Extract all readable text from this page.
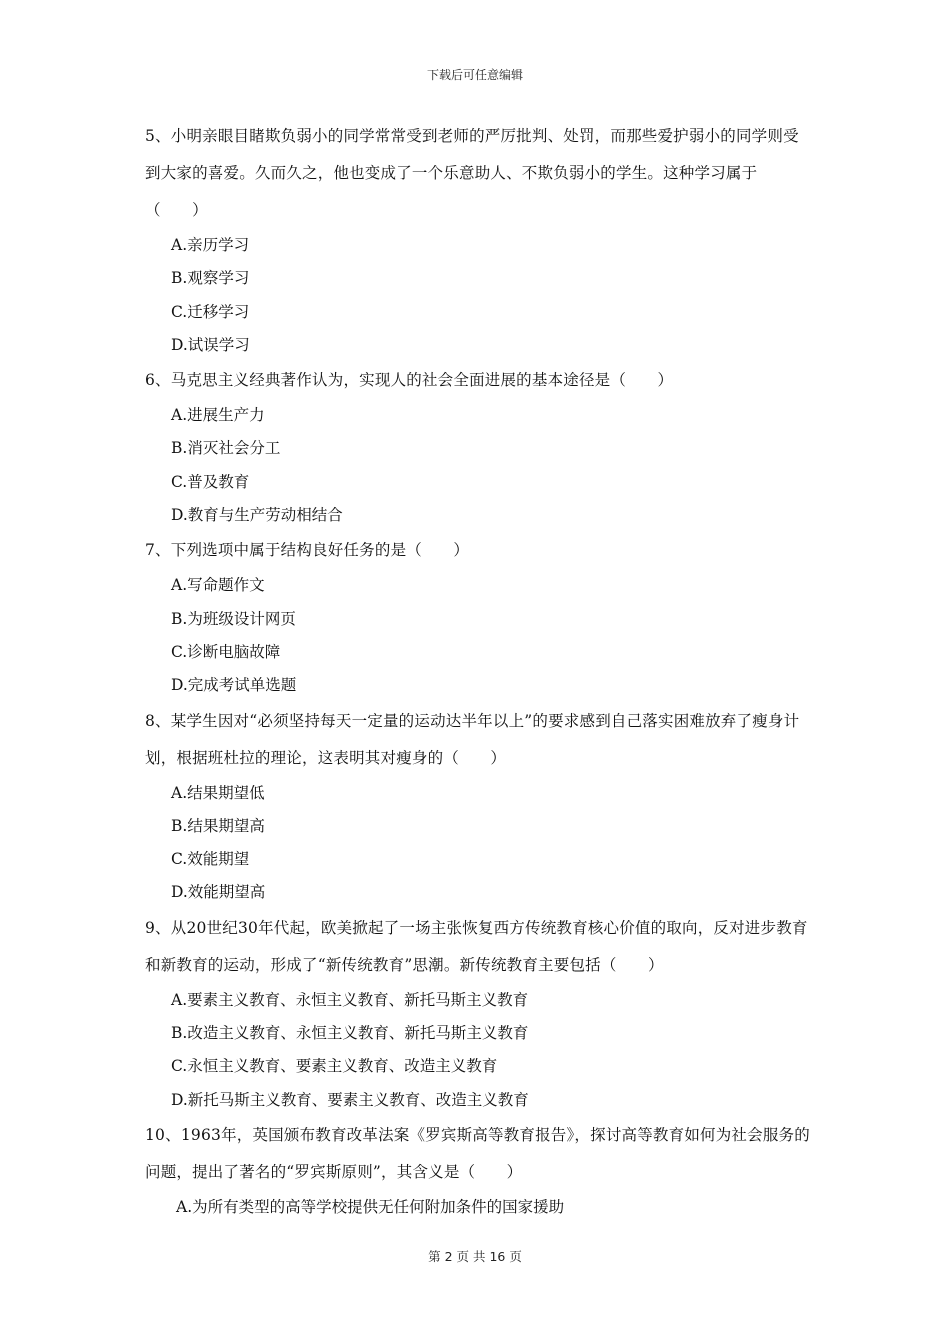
下载后可任意编辑

5、小明亲眼目睹欺负弱小的同学常常受到老师的严厉批判、处罚，而那些爱护弱小的同学则受到大家的喜爱。久而久之，他也变成了一个乐意助人、不欺负弱小的学生。这种学习属于（　　）

A.亲历学习

B.观察学习

C.迁移学习

D.试误学习

6、马克思主义经典著作认为，实现人的社会全面进展的基本途径是（　　）

A.进展生产力

B.消灭社会分工

C.普及教育

D.教育与生产劳动相结合

7、下列选项中属于结构良好任务的是（　　）

A.写命题作文

B.为班级设计网页

C.诊断电脑故障

D.完成考试单选题

8、某学生因对“必须坚持每天一定量的运动达半年以上”的要求感到自己落实困难放弃了瘦身计划，根据班杜拉的理论，这表明其对瘦身的（　　）

A.结果期望低

B.结果期望高

C.效能期望

D.效能期望高

9、从20世纪30年代起，欧美掀起了一场主张恢复西方传统教育核心价值的取向，反对进步教育和新教育的运动，形成了“新传统教育”思潮。新传统教育主要包括（　　）

A.要素主义教育、永恒主义教育、新托马斯主义教育

B.改造主义教育、永恒主义教育、新托马斯主义教育

C.永恒主义教育、要素主义教育、改造主义教育

D.新托马斯主义教育、要素主义教育、改造主义教育

10、1963年，英国颁布教育改革法案《罗宾斯高等教育报告》，探讨高等教育如何为社会服务的问题，提出了著名的“罗宾斯原则”，其含义是（　　）

A.为所有类型的高等学校提供无任何附加条件的国家援助

第 2 页 共 16 页
